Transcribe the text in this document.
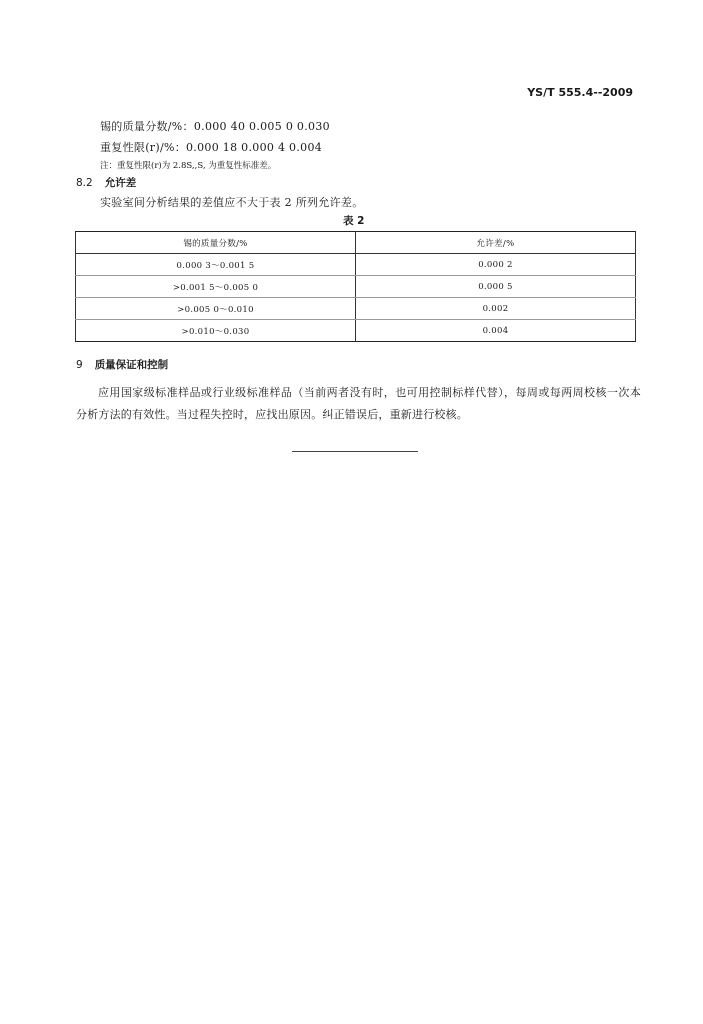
YS/T 555.4--2009
锡的质量分数/%：0.000 40 0.005 0 0.030
重复性限(r)/%：0.000 18 0.000 4 0.004
注：重复性限(r)为 2.8S,,S, 为重复性标准差。
8.2 允许差
实验室间分析结果的差值应不大于表 2 所列允许差。
表 2
锡的质量分数/%	允许差/%
0.000 3～0.001 5	0.000 2
>0.001 5～0.005 0	0.000 5
>0.005 0～0.010	0.002
>0.010～0.030	0.004
9 质量保证和控制
应用国家级标准样品或行业级标准样品（当前两者没有时，也可用控制标样代替），每周或每两周校核一次本分析方法的有效性。当过程失控时，应找出原因。纠正错误后，重新进行校核。
